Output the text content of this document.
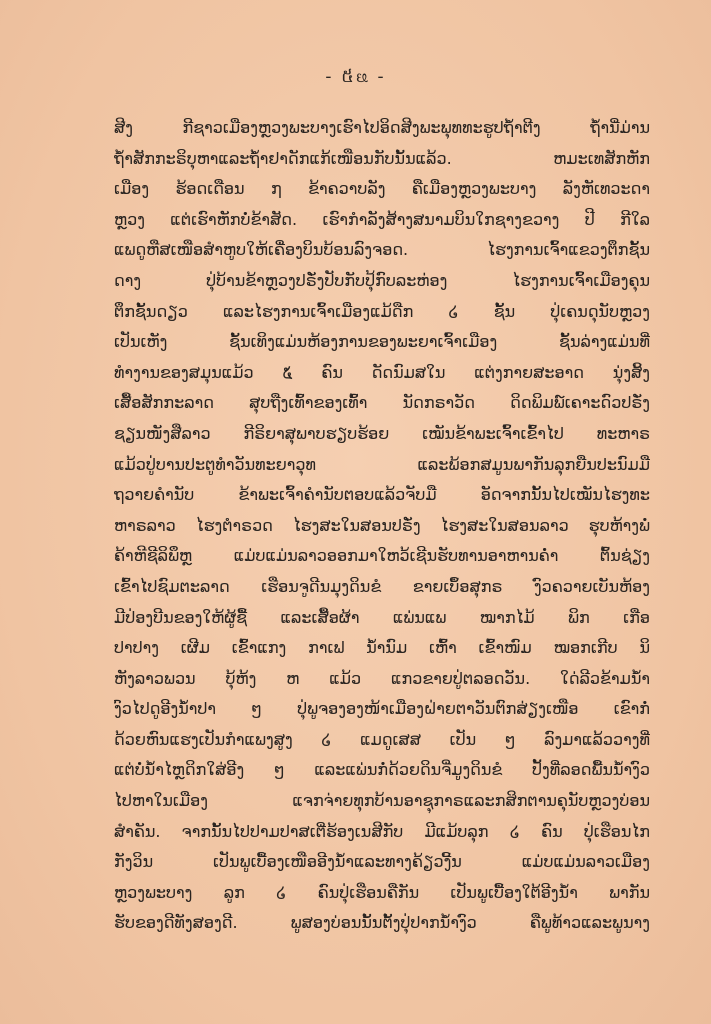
- ៥ᦕ -
ສີງ ກີຊາວເມືອງຫຼວງພະບາງເຮົາໄປອິດສີງພະພຸທທະຮູປຖ້ຳຕີງ ຖ້ຳນີ່ມ່ານ
ຖ້ຳສັກກະຣິບຸຫາແລະຖ້ຳຢາດັກແກ້ເໜືອນກັບນັ້ນແລ້ວ. ຫມະເທສັກຫັກ
ເມືອງ ຮ້ອດເດືອນ ໗ ຂ້າຄວາບລັງ ຄືເມືອງຫຼວງພະບາງ ລັງຫັເທວະດາ
ຫຼວງ ແຕ່ເຮົາຫັກບໍ່ຂ້າສັດ. ເຮົາກຳລັງສ້າງສນາມບິນໃກຊາງຂວາງ ປີ ກີໃລ
ແພດູຫືສເໜືອສຳຫູບໃຫ້ເຄື່ອງບິນບ້ອນລົງຈອດ. ໄຮງການເຈົ້າແຂວງຕຶກຊັ້ນ
ດາງ ປຸ່ບ້ານຂ້າຫຼວງປຣັ່ງປັບກັບປຸ້ກົບລະຫ່ອງ ໄຮງການເຈົ້າເມືອງຄຸນ
ຕຶກຊັ້ນດຽວ ແລະໄຮງການເຈົ້າເມືອງແມ້ດືກ ໒ ຊັ້ນ ປຸ່ເຄນດຸນັບຫຼວງ
ເປັນເຫັງ ຊັ້ນເທິງແມ່ນຫ້ອງການຂອງພະຍາເຈົ້າເມືອງ ຊັ້ນລ່າງແມ່ນທີ່
ທຳງານຂອງສມຸນແມ້ວ ໕ ຄົນ ດັດນົມສໃນ ແຕ່ງກາຍສະອາດ ນຸ່ງສິ້ງ
ເສື້ອສັກກະລາດ ສຸບຖືງເທົ້າຂອງເທົ້າ ນັດກຣາວັດ ດິດພິມພ໌ເຄາະດົວປຣັ່ງ
ຊຽນໜັງສືລາວ ກີຣິຍາສຸພາບຮຽບຮ້ອຍ ເໝັນຂ້າພະເຈົ້າເຂົ້າໄປ ທະຫາຣ
ແມ້ວປູ່ບານປະຕູທຳວັນທະຍາວຸທ ແລະພ້ອກສມູນພາກັນລຸກຍືນປະນົມມື
ຖວາຍຄຳນັບ ຂ້າພະເຈົ້າຄຳນັບຕອບແລ້ວຈັບມື ອັດຈາກນັ້ນໄປເໝັນໄຮງທະ
ຫາຣລາວ ໄຮງຕຳຣວດ ໄຮງສະໃນສອນປຣັ່ງ ໄຮງສະໃນສອນລາວ ຮຸບຫ້າງພໍ່
ຄ້າຫີຊີລິພຶຫຼ ແມ່ບແມ່ນລາວອອກມາໃຫວ້ເຊີນຮັບທານອາຫານຄ່ຳ ຕົ້ນຊ່ຽງ
ເຂົ້າໄປຊົມຕະລາດ ເຮືອນຈູດີນມຸງດິນຂໍ ຂາຍເບຶ້ອສຸກຣ ງົວຄວາຍເບັນຫ້ອງ
ມີປ່ອງບີນຂອງໃຫ້ຜູ້ຊື້ ແລະເສື້ອຜ້າ ແພ່ນແພ ໝາກໄມ້ ພິກ ເກືອ
ປາປາງ ເຜີມ ເຂົ້າແກງ ກາເຟ ນ້ຳນົມ ເຫົ້າ ເຂົ້າໜົມ ໝອກເກີບ ນິ
ຫັງລາວພວນ ບຸ້ຫ້ງ ຫ ແມ້ວ ແກວຂາຍປູ່ຕລອດວັນ. ໃດ່ລີວຂ້າມນ້ຳ
ງົວໄປດູອີງນ້ຳປາ ໆ ປຸ່ພູຈອງອງໜ້າເມືອງຝ່າຍຕາວັນຕົກສ່ຽງເໜືອ ເຂົາກໍ່
ດ້ວຍຫົນແຮງເປັນກຳແພງສູງ ໒ ແມດູເສສ ເປັນ ໆ ລົງມາແລ້ວວາງທີ່
ແຕ່ບໍ່ນ້ຳໄຫຼດິກໃສ່ອີງ ໆ ແລະແພ່ນກໍ່ດ້ວຍດິນຈີ່ມູງດິນຂໍ ປັ້ງທີ່ລອດພື້ນນ້ຳງົວ
ໄປຫາໃນເມືອງ ແຈກຈ່າຍທຸກບ້ານອາຊຸກາຣແລະກສິກຕານຄຸນັບຫຼວງບ່ອນ
ສຳຄັນ. ຈາກນັ້ນໄປປາມປາສເຕີ່ຮ້ອງເນສີກັບ ມີແມ້ບລຸກ ໒ ຄົນ ປຸ່ເຮືອນໄກ
ກັງວິນ ເປັນພູເບື້ອງເໜືອອີງນ້ຳແລະທາງຄ້ຽວງີ້ນ ແມ່ບແມ່ນລາວເມືອງ
ຫຼວງພະບາງ ລູກ ໒ ຄົນປຸ່ເຮືອນຄືກັນ ເປັນພູເບື້ອງໃຕ້ອີງນ້ຳ ພາກັນ
ຮັບຂອງດີທັງສອງດີ. ພູສອງບ່ອນນັ້ນຕັ້ງປຸ່ປາກນ້ຳງົວ ຄືພູທ້າວແລະພູນາງ
